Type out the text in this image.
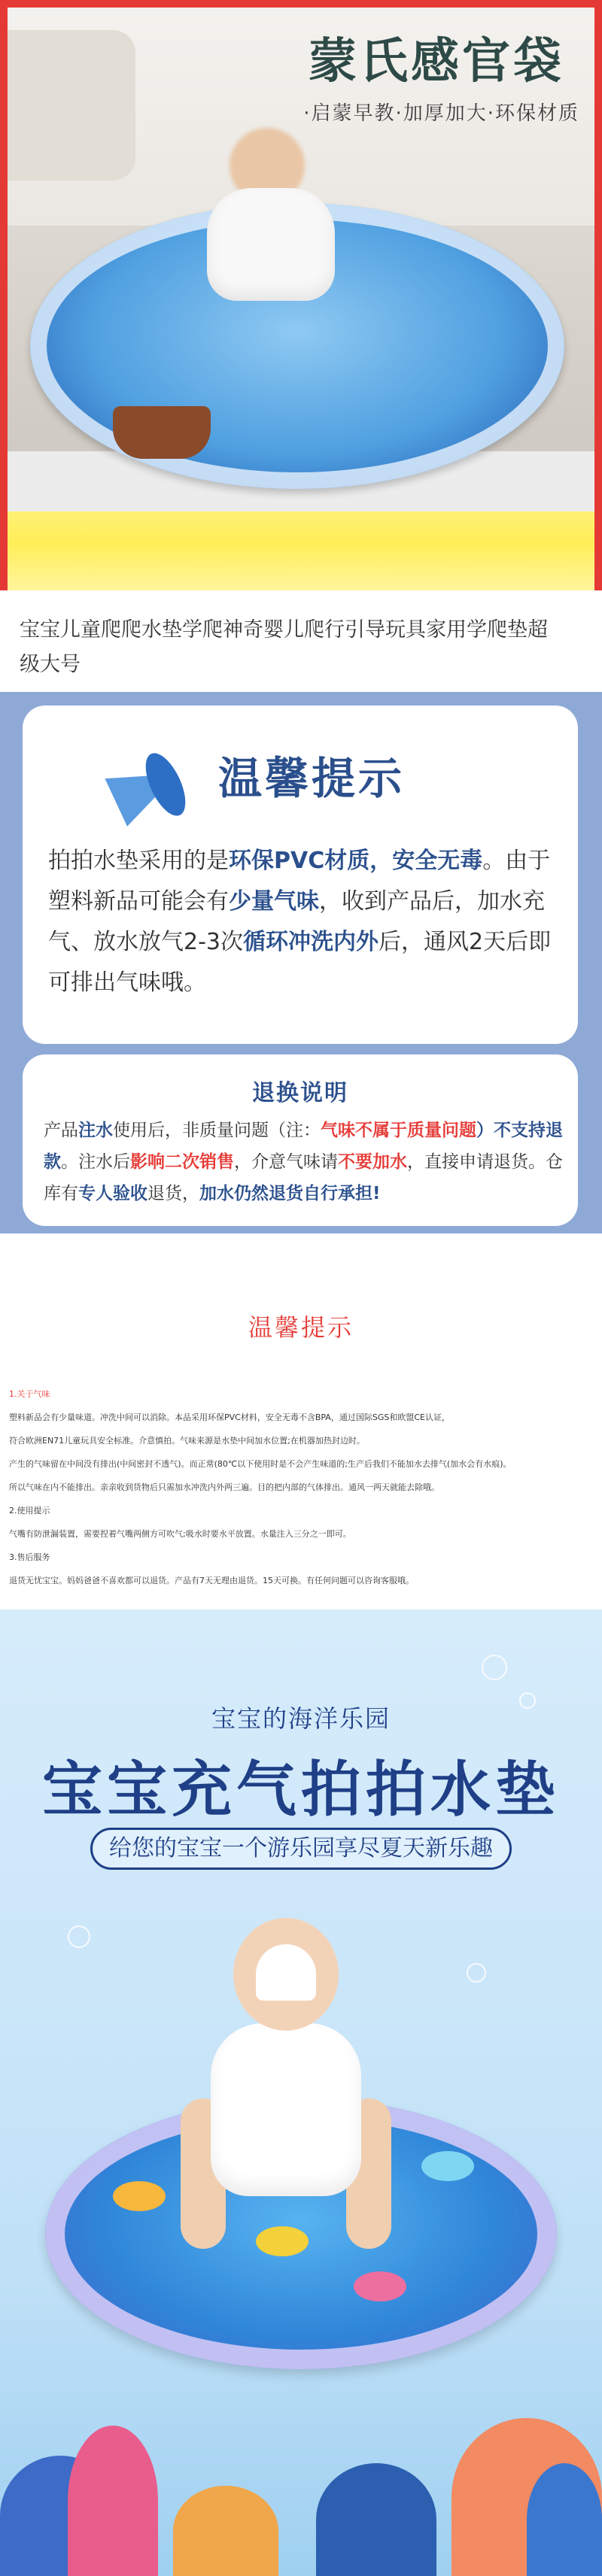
蒙氏感官袋
·启蒙早教·加厚加大·环保材质
宝宝儿童爬爬水垫学爬神奇婴儿爬行引导玩具家用学爬垫超级大号
温馨提示
拍拍水垫采用的是环保PVC材质，安全无毒。由于塑料新品可能会有少量气味，收到产品后，加水充气、放水放气2-3次循环冲洗内外后，通风2天后即可排出气味哦。
退换说明
产品注水使用后，非质量问题（注：气味不属于质量问题）不支持退款。注水后影响二次销售，介意气味请不要加水，直接申请退货。仓库有专人验收退货，加水仍然退货自行承担!
温馨提示
1.关于气味
塑料新品会有少量味道。冲洗中间可以消除。本品采用环保PVC材料，安全无毒不含BPA，通过国际SGS和欧盟CE认证，
符合欧洲EN71儿童玩具安全标准。介意慎拍。气味来源是水垫中间加水位置;在机器加热封边时。
产生的气味留在中间没有排出(中间密封不透气)。而正常(80℃以下使用时是不会产生味道的;生产后我们不能加水去排气(加水会有水痕)。
所以气味在内不能排出。亲亲收到货物后只需加水冲洗内外两三遍。目的把内部的气体排出。通风一两天就能去除哦。
2.使用提示
气嘴有防泄漏装置，需要捏着气嘴两侧方可吹气;吸水时要水平放置。水量注入三分之一即可。
3.售后服务
退货无忧宝宝。妈妈爸爸不喜欢都可以退货。产品有7天无理由退货。15天可换。有任何问题可以咨询客服哦。
宝宝的海洋乐园
宝宝充气拍拍水垫
给您的宝宝一个游乐园享尽夏天新乐趣
